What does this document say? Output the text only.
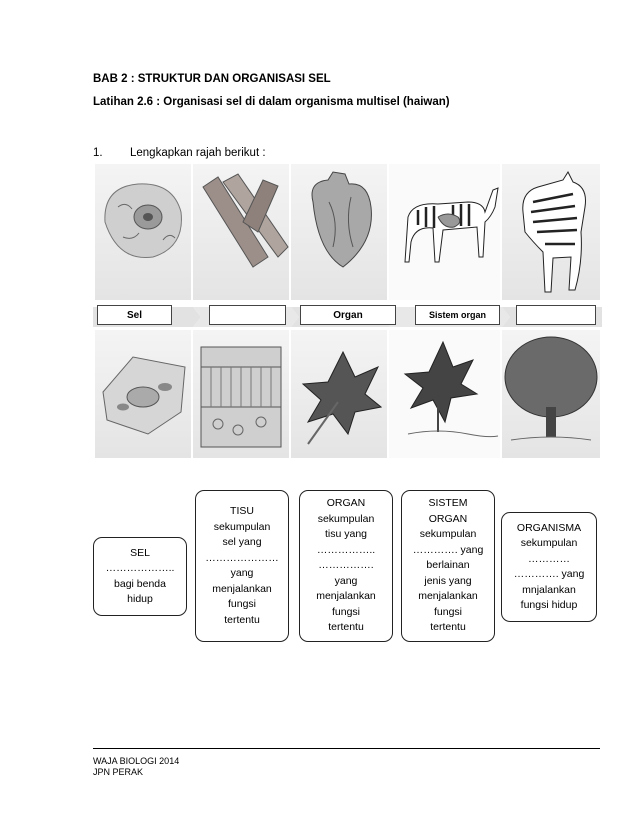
BAB 2 : STRUKTUR DAN ORGANISASI SEL
Latihan 2.6 : Organisasi sel di dalam organisma multisel (haiwan)
1. Lengkapkan rajah berikut :
Sel	Organ	Sistem organ
SEL
………………..
bagi benda
hidup
TISU
sekumpulan
sel yang
…………………
yang
menjalankan
fungsi
tertentu
ORGAN
sekumpulan
tisu yang
……………..
…………….
yang
menjalankan
fungsi
tertentu
SISTEM
ORGAN
sekumpulan
…………. yang
berlainan
jenis yang
menjalankan
fungsi
tertentu
ORGANISMA
sekumpulan
…………
…………. yang
mnjalankan
fungsi hidup
WAJA BIOLOGI 2014
JPN PERAK
